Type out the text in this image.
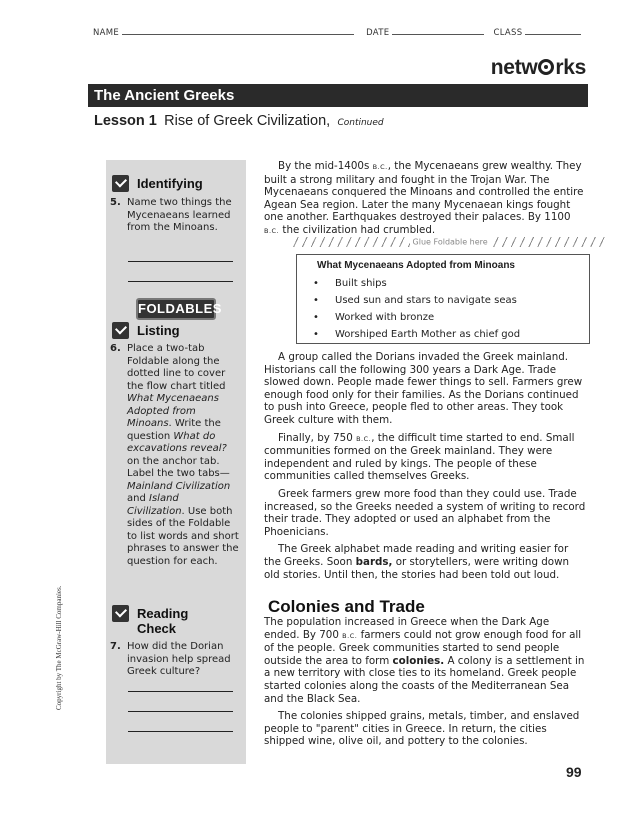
NAME	DATE	CLASS
netw rks
The Ancient Greeks
Lesson 1 Rise of Greek Civilization, Continued
Copyright by The McGraw-Hill Companies.
Identifying
5. Name two things the Mycenaeans learned from the Minoans.
FOLDABLES
Listing
6. Place a two-tab Foldable along the dotted line to cover the flow chart titled What Mycenaeans Adopted from Minoans. Write the question What do excavations reveal? on the anchor tab. Label the two tabs—Mainland Civilization and Island Civilization. Use both sides of the Foldable to list words and short phrases to answer the question for each.
Reading
Check
7. How did the Dorian invasion help spread Greek culture?

By the mid-1400s B.C., the Mycenaeans grew wealthy. They built a strong military and fought in the Trojan War. The Mycenaeans conquered the Minoans and controlled the entire Agean Sea region. Later the many Mycenaean kings fought one another. Earthquakes destroyed their palaces. By 1100 B.C. the civilization had crumbled.

Glue Foldable here
What Mycenaeans Adopted from Minoans
• Built ships
• Used sun and stars to navigate seas
• Worked with bronze
• Worshiped Earth Mother as chief god

A group called the Dorians invaded the Greek mainland. Historians call the following 300 years a Dark Age. Trade slowed down. People made fewer things to sell. Farmers grew enough food only for their families. As the Dorians continued to push into Greece, people fled to other areas. They took Greek culture with them.

Finally, by 750 B.C., the difficult time started to end. Small communities formed on the Greek mainland. They were independent and ruled by kings. The people of these communities called themselves Greeks.

Greek farmers grew more food than they could use. Trade increased, so the Greeks needed a system of writing to record their trade. They adopted or used an alphabet from the Phoenicians.

The Greek alphabet made reading and writing easier for the Greeks. Soon bards, or storytellers, were writing down old stories. Until then, the stories had been told out loud.

Colonies and Trade

The population increased in Greece when the Dark Age ended. By 700 B.C. farmers could not grow enough food for all of the people. Greek communities started to send people outside the area to form colonies. A colony is a settlement in a new territory with close ties to its homeland. Greek people started colonies along the coasts of the Mediterranean Sea and the Black Sea.

The colonies shipped grains, metals, timber, and enslaved people to "parent" cities in Greece. In return, the cities shipped wine, olive oil, and pottery to the colonies.

99
